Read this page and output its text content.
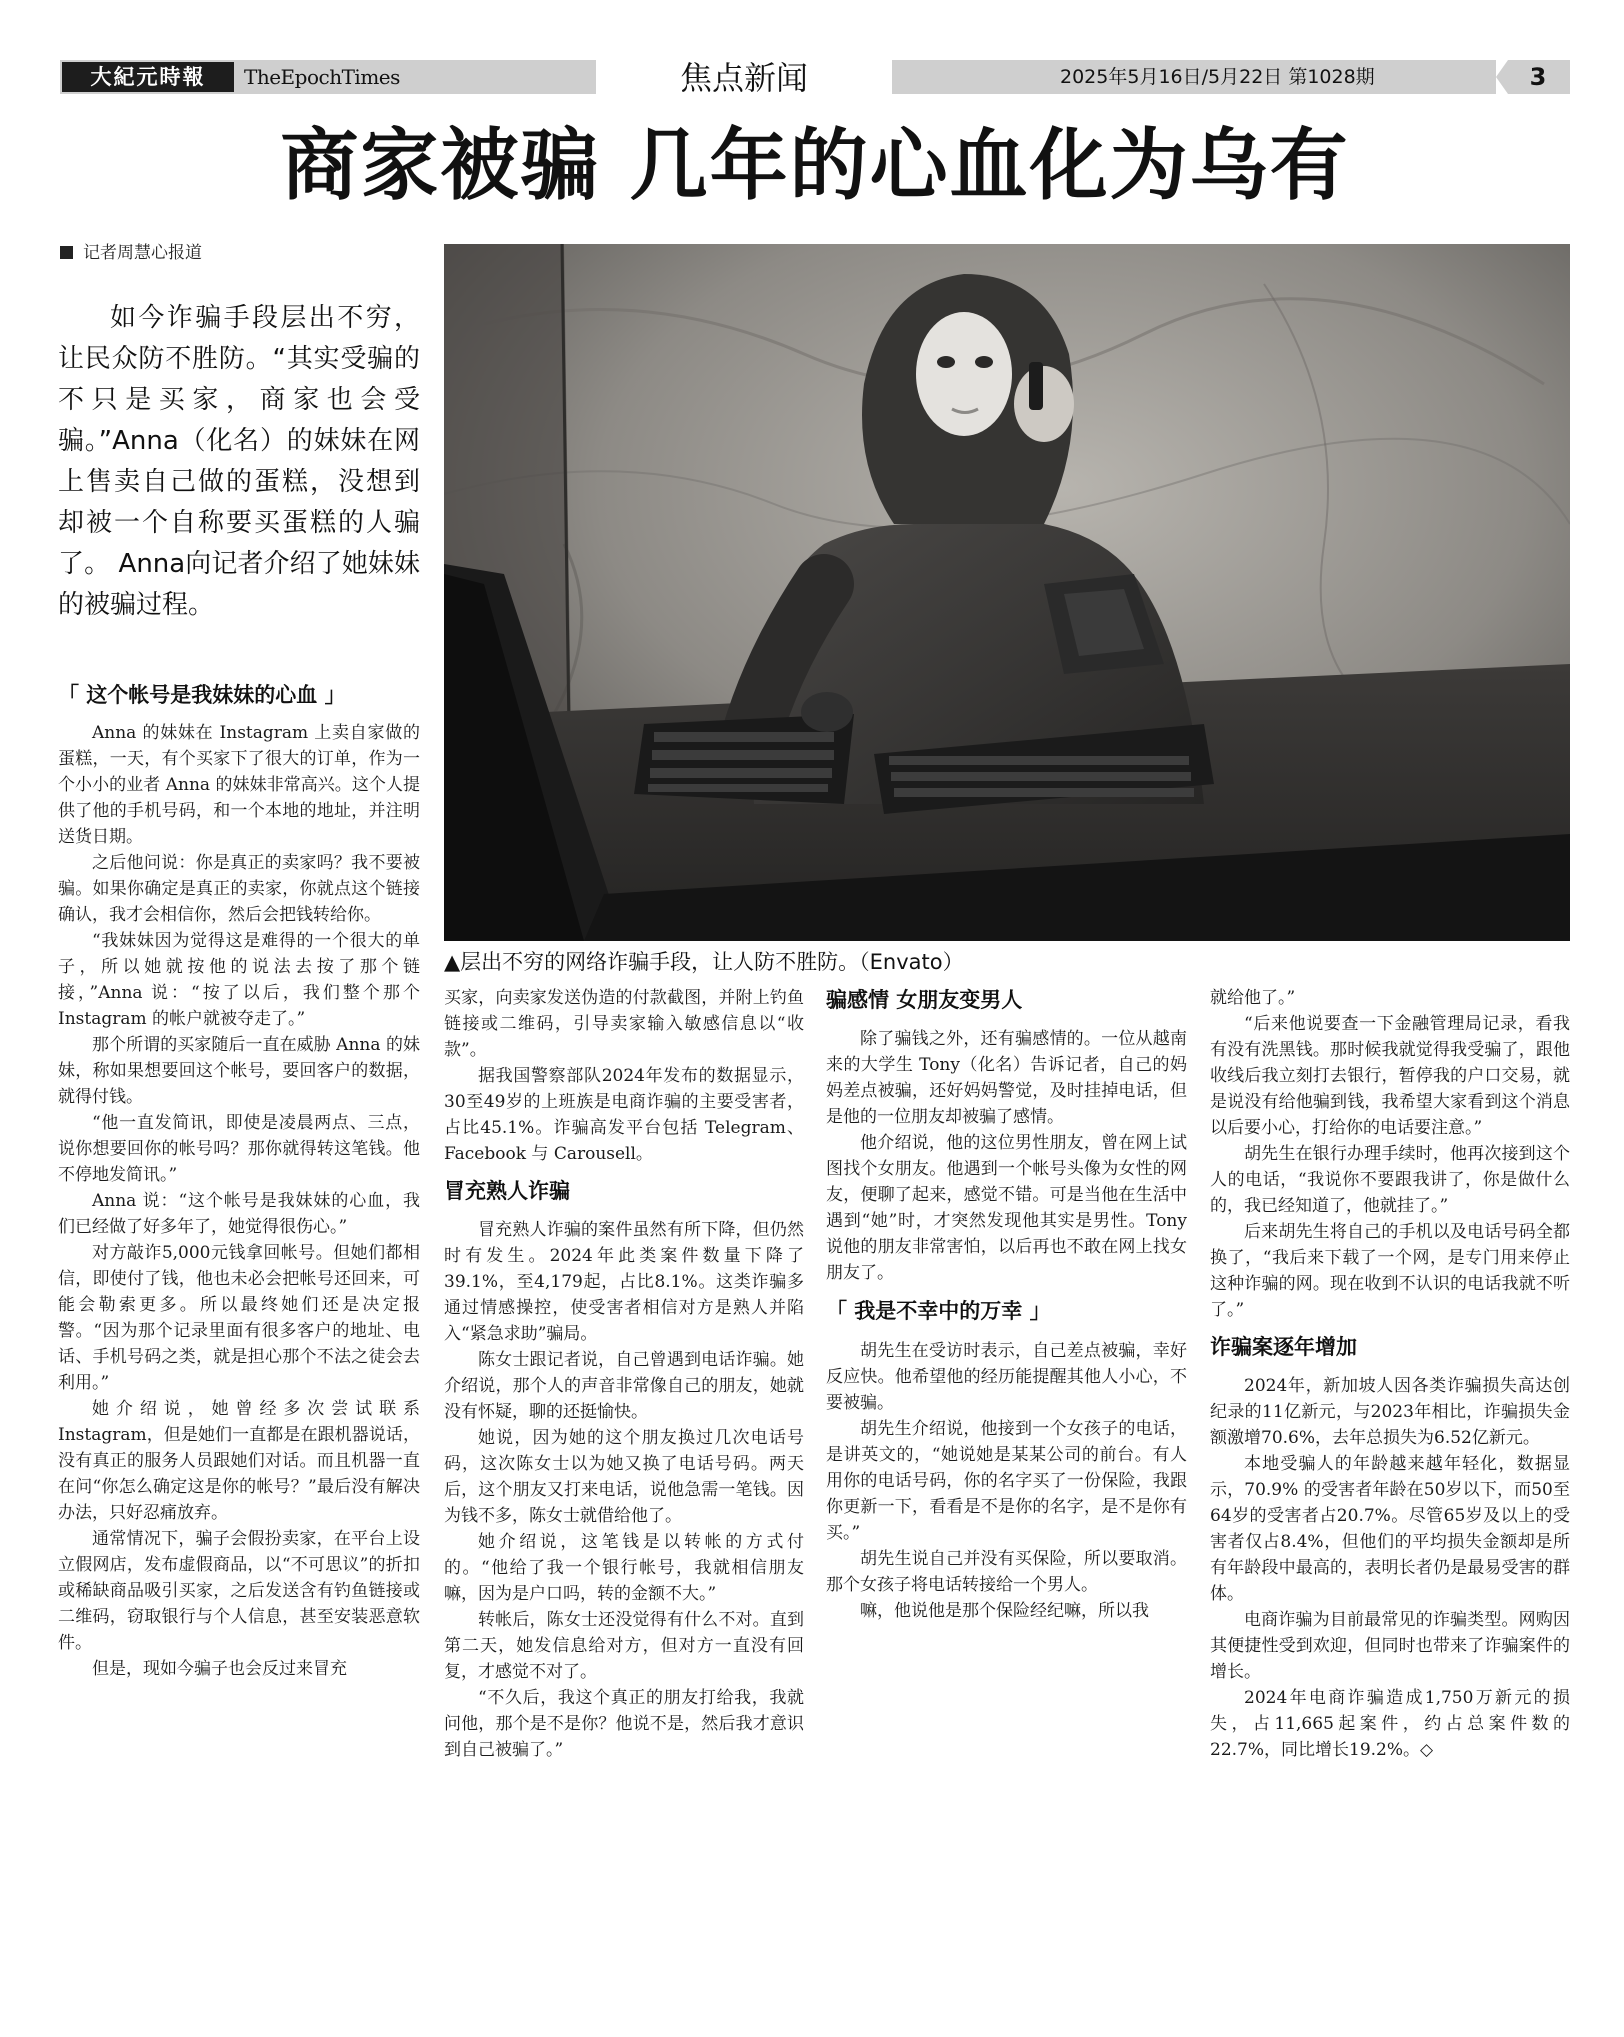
大紀元時報	TheEpochTimes	焦点新闻	2025年5月16日/5月22日 第1028期	3
商家被骗 几年的心血化为乌有
记者周慧心报道
如今诈骗手段层出不穷，让民众防不胜防。“其实受骗的不只是买家，商家也会受骗。”Anna（化名）的妹妹在网上售卖自己做的蛋糕，没想到却被一个自称要买蛋糕的人骗了。 Anna向记者介绍了她妹妹的被骗过程。
▲层出不穷的网络诈骗手段，让人防不胜防。（Envato）
「 这个帐号是我妹妹的心血 」

Anna 的妹妹在 Instagram 上卖自家做的蛋糕，一天，有个买家下了很大的订单，作为一个小小的业者 Anna 的妹妹非常高兴。这个人提供了他的手机号码，和一个本地的地址，并注明送货日期。

之后他问说：你是真正的卖家吗？我不要被骗。如果你确定是真正的卖家，你就点这个链接确认，我才会相信你，然后会把钱转给你。

“我妹妹因为觉得这是难得的一个很大的单子，所以她就按他的说法去按了那个链接，”Anna 说：“按了以后，我们整个那个 Instagram 的帐户就被夺走了。”

那个所谓的买家随后一直在威胁 Anna 的妹妹，称如果想要回这个帐号，要回客户的数据，就得付钱。

“他一直发简讯，即使是凌晨两点、三点，说你想要回你的帐号吗？那你就得转这笔钱。他不停地发简讯。”

Anna 说：“这个帐号是我妹妹的心血，我们已经做了好多年了，她觉得很伤心。”

对方敲诈5,000元钱拿回帐号。但她们都相信，即使付了钱，他也未必会把帐号还回来，可能会勒索更多。所以最终她们还是决定报警。“因为那个记录里面有很多客户的地址、电话、手机号码之类，就是担心那个不法之徒会去利用。”

她介绍说，她曾经多次尝试联系 Instagram，但是她们一直都是在跟机器说话，没有真正的服务人员跟她们对话。而且机器一直在问“你怎么确定这是你的帐号？”最后没有解决办法，只好忍痛放弃。

通常情况下，骗子会假扮卖家，在平台上设立假网店，发布虚假商品，以“不可思议”的折扣或稀缺商品吸引买家，之后发送含有钓鱼链接或二维码，窃取银行与个人信息，甚至安装恶意软件。

但是，现如今骗子也会反过来冒充

买家，向卖家发送伪造的付款截图，并附上钓鱼链接或二维码，引导卖家输入敏感信息以“收款”。

据我国警察部队2024年发布的数据显示，30至49岁的上班族是电商诈骗的主要受害者，占比45.1%。诈骗高发平台包括 Telegram、Facebook 与 Carousell。

冒充熟人诈骗

冒充熟人诈骗的案件虽然有所下降，但仍然时有发生。2024年此类案件数量下降了39.1%，至4,179起，占比8.1%。这类诈骗多通过情感操控，使受害者相信对方是熟人并陷入“紧急求助”骗局。

陈女士跟记者说，自己曾遇到电话诈骗。她介绍说，那个人的声音非常像自己的朋友，她就没有怀疑，聊的还挺愉快。

她说，因为她的这个朋友换过几次电话号码，这次陈女士以为她又换了电话号码。两天后，这个朋友又打来电话，说他急需一笔钱。因为钱不多，陈女士就借给他了。

她介绍说，这笔钱是以转帐的方式付的。“他给了我一个银行帐号，我就相信朋友嘛，因为是户口吗，转的金额不大。”

转帐后，陈女士还没觉得有什么不对。直到第二天，她发信息给对方，但对方一直没有回复，才感觉不对了。

“不久后，我这个真正的朋友打给我，我就问他，那个是不是你？他说不是，然后我才意识到自己被骗了。”

骗感情 女朋友变男人

除了骗钱之外，还有骗感情的。一位从越南来的大学生 Tony（化名）告诉记者，自己的妈妈差点被骗，还好妈妈警觉，及时挂掉电话，但是他的一位朋友却被骗了感情。

他介绍说，他的这位男性朋友，曾在网上试图找个女朋友。他遇到一个帐号头像为女性的网友，便聊了起来，感觉不错。可是当他在生活中遇到“她”时，才突然发现他其实是男性。Tony 说他的朋友非常害怕，以后再也不敢在网上找女朋友了。

「 我是不幸中的万幸 」

胡先生在受访时表示，自己差点被骗，幸好反应快。他希望他的经历能提醒其他人小心，不要被骗。

胡先生介绍说，他接到一个女孩子的电话，是讲英文的，“她说她是某某公司的前台。有人用你的电话号码，你的名字买了一份保险，我跟你更新一下，看看是不是你的名字，是不是你有买。”

胡先生说自己并没有买保险，所以要取消。那个女孩子将电话转接给一个男人。

嘛，他说他是那个保险经纪嘛，所以我

就给他了。”

“后来他说要查一下金融管理局记录，看我有没有洗黑钱。那时候我就觉得我受骗了，跟他收线后我立刻打去银行，暂停我的户口交易，就是说没有给他骗到钱，我希望大家看到这个消息以后要小心，打给你的电话要注意。”

胡先生在银行办理手续时，他再次接到这个人的电话，“我说你不要跟我讲了，你是做什么的，我已经知道了，他就挂了。”

后来胡先生将自己的手机以及电话号码全都换了，“我后来下载了一个网，是专门用来停止这种诈骗的网。现在收到不认识的电话我就不听了。”

诈骗案逐年增加

2024年，新加坡人因各类诈骗损失高达创纪录的11亿新元，与2023年相比，诈骗损失金额激增70.6%，去年总损失为6.52亿新元。

本地受骗人的年龄越来越年轻化，数据显示，70.9% 的受害者年龄在50岁以下，而50至64岁的受害者占20.7%。尽管65岁及以上的受害者仅占8.4%，但他们的平均损失金额却是所有年龄段中最高的，表明长者仍是最易受害的群体。

电商诈骗为目前最常见的诈骗类型。网购因其便捷性受到欢迎，但同时也带来了诈骗案件的增长。

2024年电商诈骗造成1,750万新元的损失，占11,665起案件，约占总案件数的22.7%，同比增长19.2%。◇
